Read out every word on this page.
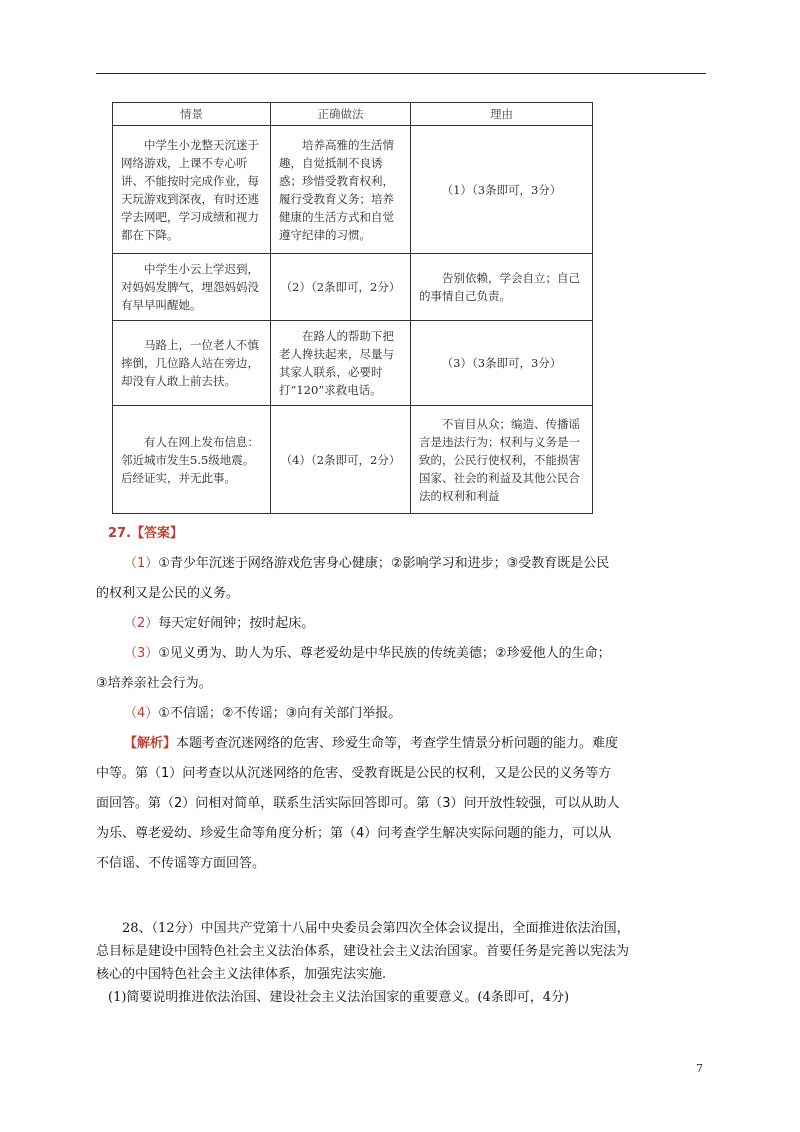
情景	正确做法	理由
中学生小龙整天沉迷于网络游戏，上课不专心听讲、不能按时完成作业，每天玩游戏到深夜，有时还逃学去网吧，学习成绩和视力都在下降。	培养高雅的生活情趣，自觉抵制不良诱惑；珍惜受教育权利，履行受教育义务；培养健康的生活方式和自觉遵守纪律的习惯。	（1）（3条即可，3分）
中学生小云上学迟到，对妈妈发脾气，埋怨妈妈没有早早叫醒她。	（2）（2条即可，2分）	告别依赖，学会自立；自己的事情自己负责。
马路上，一位老人不慎摔倒，几位路人站在旁边，却没有人敢上前去扶。	在路人的帮助下把老人搀扶起来，尽量与其家人联系，必要时打“120”求救电话。	（3）（3条即可，3分）
有人在网上发布信息：邻近城市发生5.5级地震。后经证实，并无此事。	（4）（2条即可，2分）	不盲目从众；编造、传播谣言是违法行为；权利与义务是一致的，公民行使权利，不能损害国家、社会的利益及其他公民合法的权利和利益

27.【答案】

（1）①青少年沉迷于网络游戏危害身心健康；②影响学习和进步；③受教育既是公民

的权利又是公民的义务。

（2）每天定好闹钟；按时起床。

（3）①见义勇为、助人为乐、尊老爱幼是中华民族的传统美德；②珍爱他人的生命；

③培养亲社会行为。

（4）①不信谣；②不传谣；③向有关部门举报。

【解析】本题考查沉迷网络的危害、珍爱生命等，考查学生情景分析问题的能力。难度

中等。第（1）问考查以从沉迷网络的危害、受教育既是公民的权利，又是公民的义务等方

面回答。第（2）问相对简单，联系生活实际回答即可。第（3）问开放性较强，可以从助人

为乐、尊老爱幼、珍爱生命等角度分析；第（4）问考查学生解决实际问题的能力，可以从

不信谣、不传谣等方面回答。

28、（12分）中国共产党第十八届中央委员会第四次全体会议提出，全面推进依法治国，

总目标是建设中国特色社会主义法治体系，建设社会主义法治国家。首要任务是完善以宪法为

核心的中国特色社会主义法律体系，加强宪法实施.

(1)简要说明推进依法治国、建设社会主义法治国家的重要意义。(4条即可，4分)

7
